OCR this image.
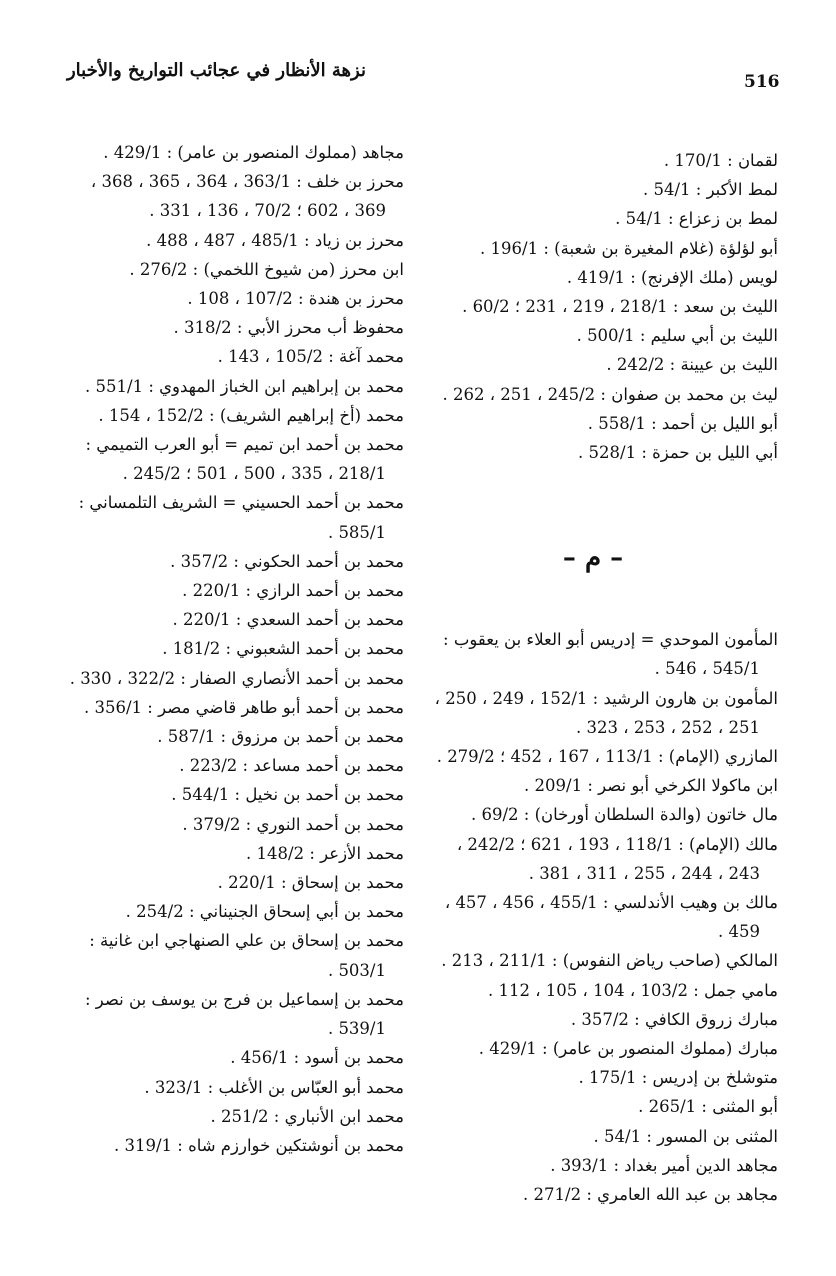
516
نزهة الأنظار في عجائب التواريخ والأخبار
لقمان : 170/1 .
لمط الأكبر : 54/1 .
لمط بن زعزاع : 54/1 .
أبو لؤلؤة (غلام المغيرة بن شعبة) : 196/1 .
لويس (ملك الإفرنج) : 419/1 .
الليث بن سعد : 218/1 ، 219 ، 231 ؛ 60/2 .
الليث بن أبي سليم : 500/1 .
الليث بن عيينة : 242/2 .
ليث بن محمد بن صفوان : 245/2 ، 251 ، 262 .
أبو الليل بن أحمد : 558/1 .
أبي الليل بن حمزة : 528/1 .
– م –
المأمون الموحدي = إدريس أبو العلاء بن يعقوب :
545/1 ، 546 .
المأمون بن هارون الرشيد : 152/1 ، 249 ، 250 ،
251 ، 252 ، 253 ، 323 .
المازري (الإمام) : 113/1 ، 167 ، 452 ؛ 279/2 .
ابن ماكولا الكرخي أبو نصر : 209/1 .
مال خاتون (والدة السلطان أورخان) : 69/2 .
مالك (الإمام) : 118/1 ، 193 ، 621 ؛ 242/2 ،
243 ، 244 ، 255 ، 311 ، 381 .
مالك بن وهيب الأندلسي : 455/1 ، 456 ، 457 ،
459 .
المالكي (صاحب رياض النفوس) : 211/1 ، 213 .
مامي جمل : 103/2 ، 104 ، 105 ، 112 .
مبارك زروق الكافي : 357/2 .
مبارك (مملوك المنصور بن عامر) : 429/1 .
متوشلخ بن إدريس : 175/1 .
أبو المثنى : 265/1 .
المثنى بن المسور : 54/1 .
مجاهد الدين أمير بغداد : 393/1 .
مجاهد بن عبد الله العامري : 271/2 .
مجاهد (مملوك المنصور بن عامر) : 429/1 .
محرز بن خلف : 363/1 ، 364 ، 365 ، 368 ،
369 ، 602 ؛ 70/2 ، 136 ، 331 .
محرز بن زياد : 485/1 ، 487 ، 488 .
ابن محرز (من شيوخ اللخمي) : 276/2 .
محرز بن هندة : 107/2 ، 108 .
محفوظ أب محرز الأبي : 318/2 .
محمد آغة : 105/2 ، 143 .
محمد بن إبراهيم ابن الخباز المهدوي : 551/1 .
محمد (أخ إبراهيم الشريف) : 152/2 ، 154 .
محمد بن أحمد ابن تميم = أبو العرب التميمي :
218/1 ، 335 ، 500 ، 501 ؛ 245/2 .
محمد بن أحمد الحسيني = الشريف التلمساني :
585/1 .
محمد بن أحمد الحكوني : 357/2 .
محمد بن أحمد الرازي : 220/1 .
محمد بن أحمد السعدي : 220/1 .
محمد بن أحمد الشعبوني : 181/2 .
محمد بن أحمد الأنصاري الصفار : 322/2 ، 330 .
محمد بن أحمد أبو طاهر قاضي مصر : 356/1 .
محمد بن أحمد بن مرزوق : 587/1 .
محمد بن أحمد مساعد : 223/2 .
محمد بن أحمد بن نخيل : 544/1 .
محمد بن أحمد النوري : 379/2 .
محمد الأزعر : 148/2 .
محمد بن إسحاق : 220/1 .
محمد بن أبي إسحاق الجنيناني : 254/2 .
محمد بن إسحاق بن علي الصنهاجي ابن غانية :
503/1 .
محمد بن إسماعيل بن فرج بن يوسف بن نصر :
539/1 .
محمد بن أسود : 456/1 .
محمد أبو العبّاس بن الأغلب : 323/1 .
محمد ابن الأنباري : 251/2 .
محمد بن أنوشتكين خوارزم شاه : 319/1 .
